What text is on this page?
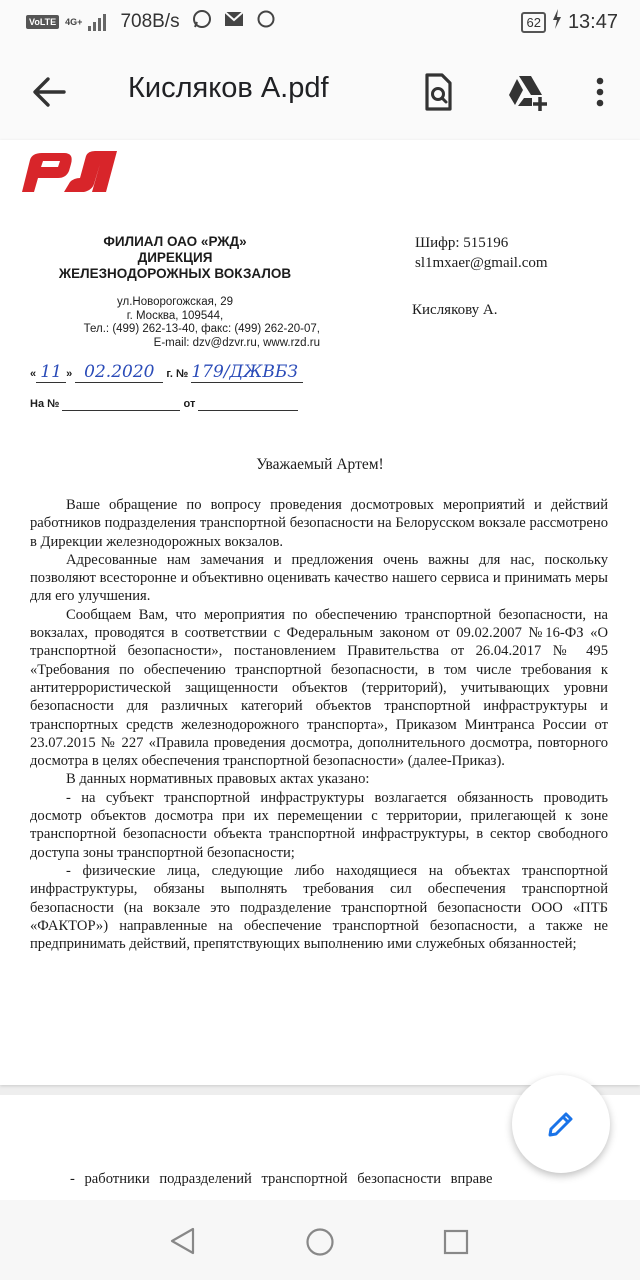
VoLTE	4G+ 708B/s	62 13:47
Кисляков А.pdf
ФИЛИАЛ ОАО «РЖД»
ДИРЕКЦИЯ
ЖЕЛЕЗНОДОРОЖНЫХ ВОКЗАЛОВ
ул.Новорогожская, 29
г. Москва, 109544,
Тел.: (499) 262-13-40, факс: (499) 262-20-07,
E-mail: dzv@dzvr.ru, www.rzd.ru
Шифр: 515196
sl1mxaer@gmail.com
Кислякову А.
« 11 » 02.2020 г. № 179/ДЖВБЗ
На №	от
Уважаемый Артем!

Ваше обращение по вопросу проведения досмотровых мероприятий и действий работников подразделения транспортной безопасности на Белорусском вокзале рассмотрено в Дирекции железнодорожных вокзалов.

Адресованные нам замечания и предложения очень важны для нас, поскольку позволяют всесторонне и объективно оценивать качество нашего сервиса и принимать меры для его улучшения.

Сообщаем Вам, что мероприятия по обеспечению транспортной безопасности, на вокзалах, проводятся в соответствии с Федеральным законом от 09.02.2007 №16-ФЗ «О транспортной безопасности», постановлением Правительства от 26.04.2017 № 495 «Требования по обеспечению транспортной безопасности, в том числе требования к антитеррористической защищенности объектов (территорий), учитывающих уровни безопасности для различных категорий объектов транспортной инфраструктуры и транспортных средств железнодорожного транспорта», Приказом Минтранса России от 23.07.2015 № 227 «Правила проведения досмотра, дополнительного досмотра, повторного досмотра в целях обеспечения транспортной безопасности» (далее-Приказ).

В данных нормативных правовых актах указано:

- на субъект транспортной инфраструктуры возлагается обязанность проводить досмотр объектов досмотра при их перемещении с территории, прилегающей к зоне транспортной безопасности объекта транспортной инфраструктуры, в сектор свободного доступа зоны транспортной безопасности;

- физические лица, следующие либо находящиеся на объектах транспортной инфраструктуры, обязаны выполнять требования сил обеспечения транспортной безопасности (на вокзале это подразделение транспортной безопасности ООО «ПТБ «ФАКТОР») направленные на обеспечение транспортной безопасности, а также не предпринимать действий, препятствующих выполнению ими служебных обязанностей;

- работники подразделений транспортной безопасности вправе
